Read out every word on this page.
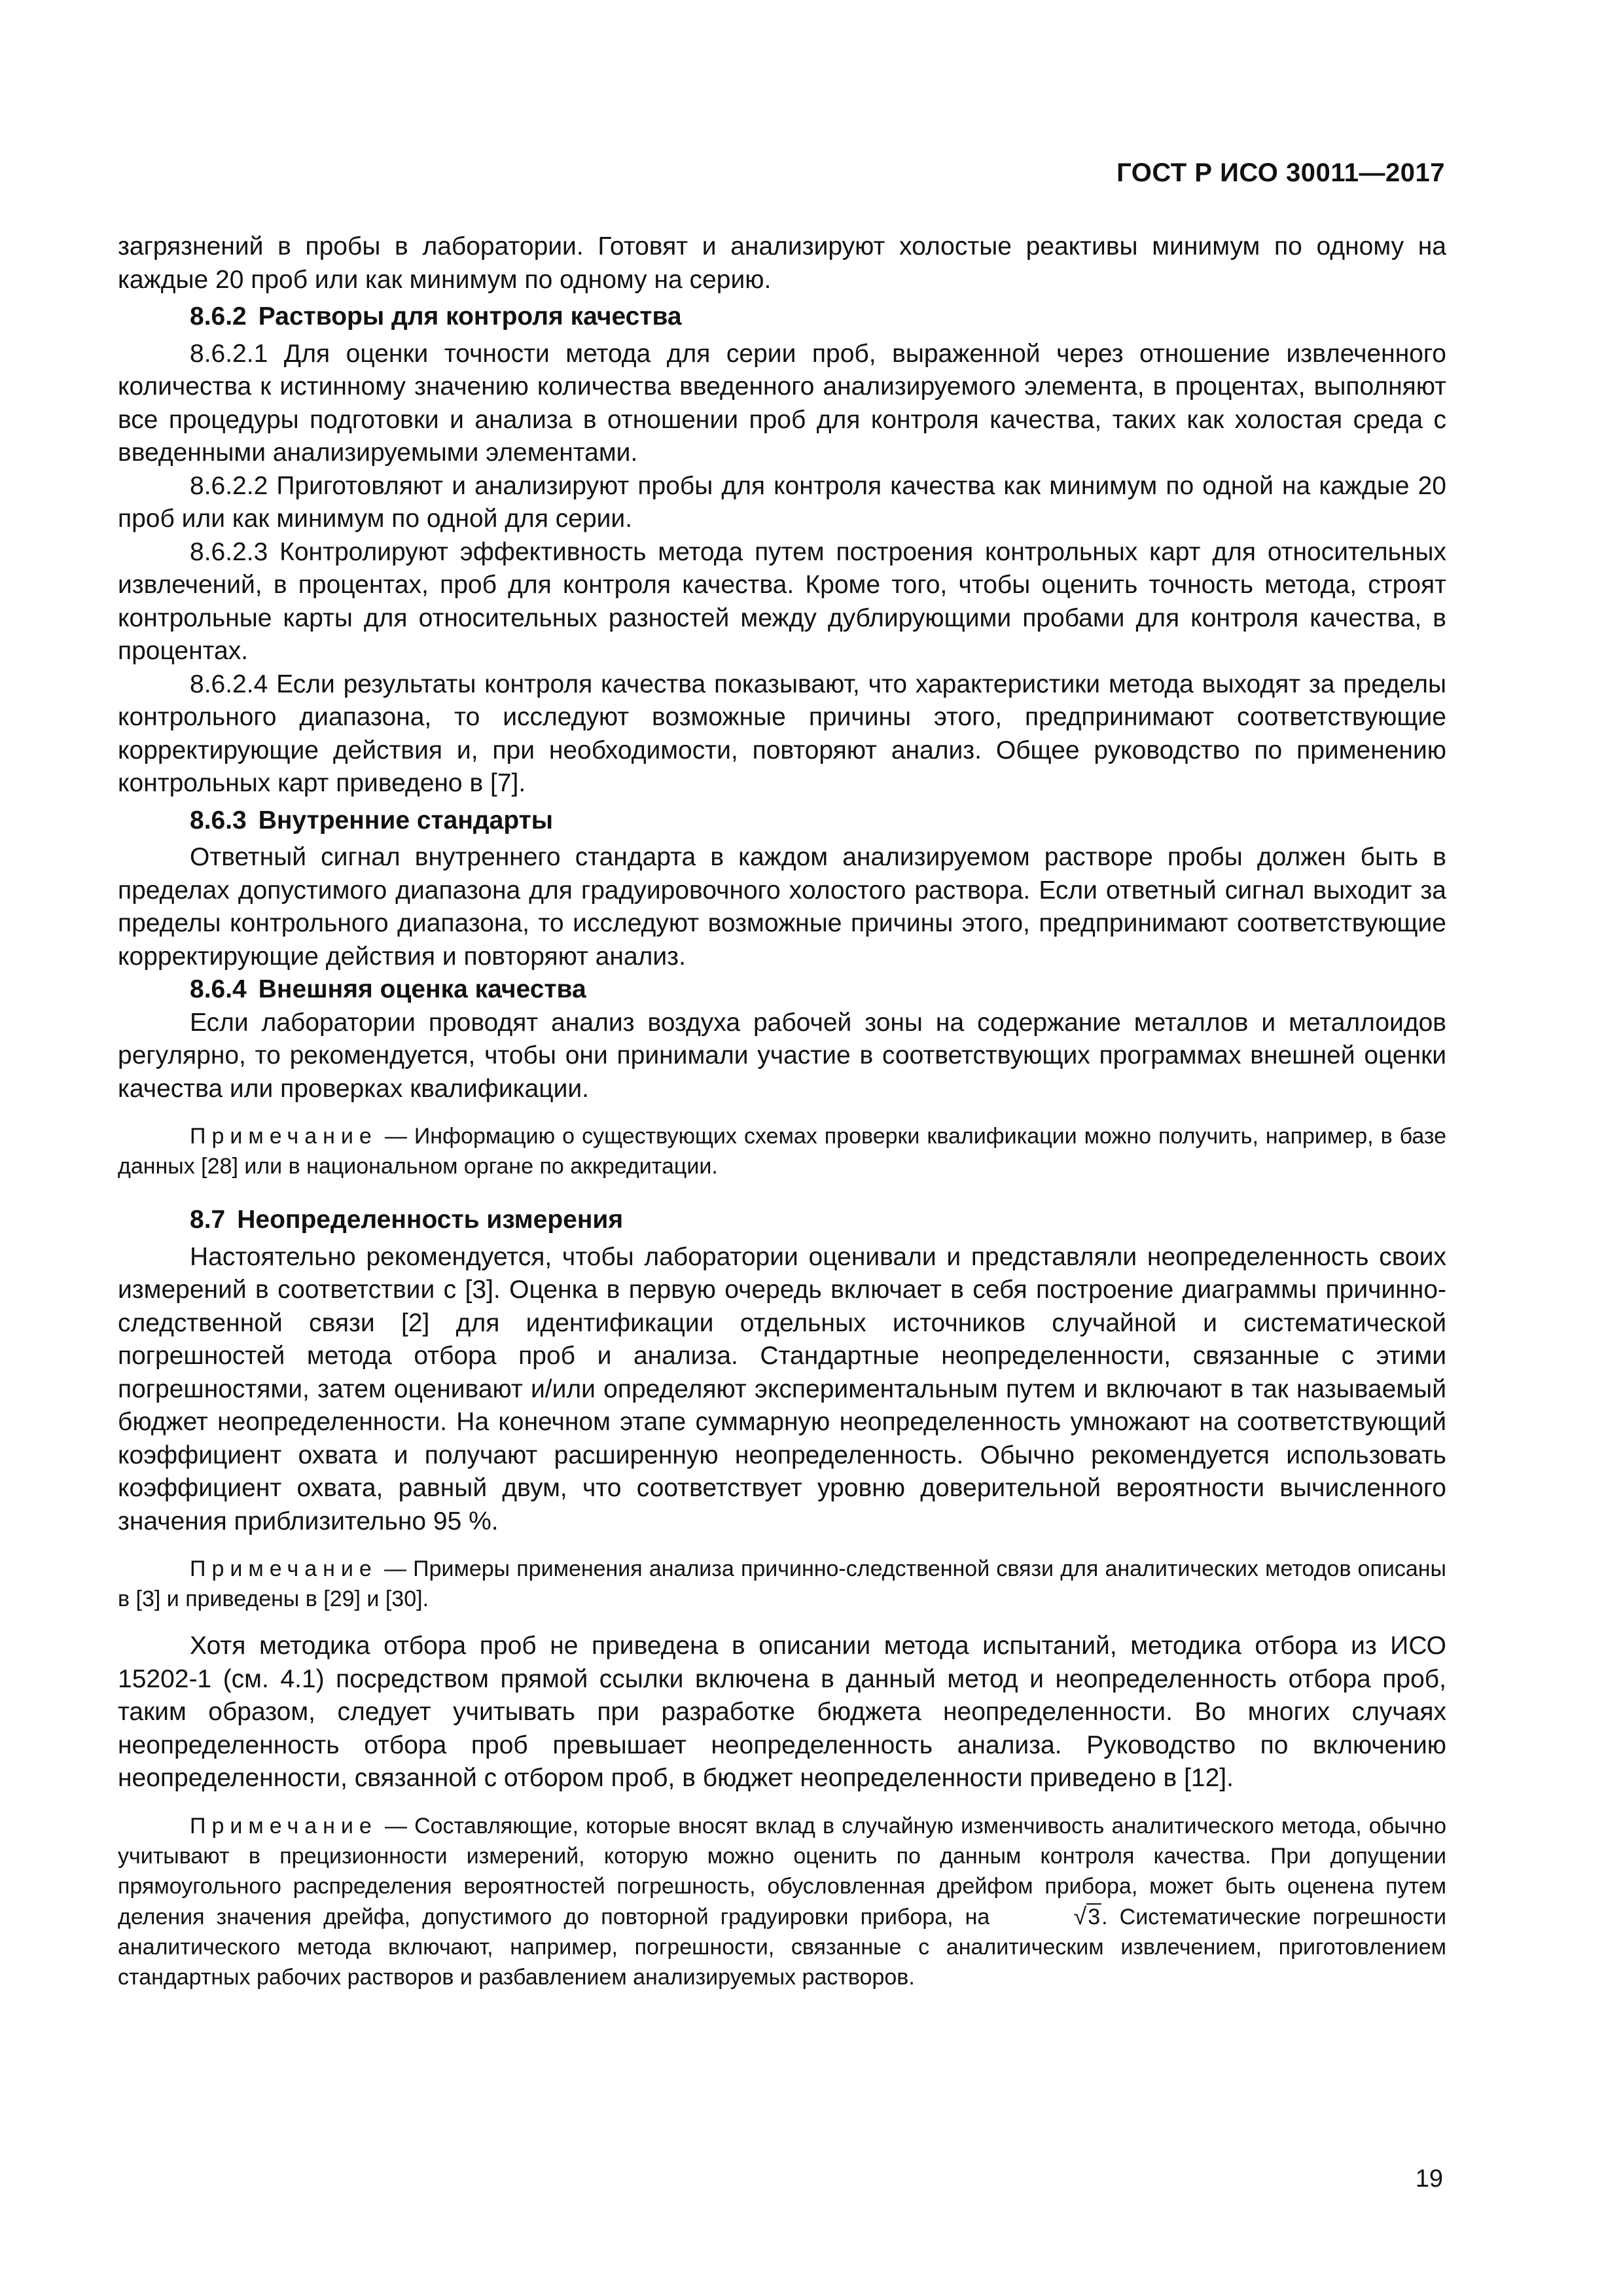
ГОСТ Р ИСО 30011—2017

загрязнений в пробы в лаборатории. Готовят и анализируют холостые реактивы минимум по одному на каждые 20 проб или как минимум по одному на серию.

8.6.2 Растворы для контроля качества

8.6.2.1 Для оценки точности метода для серии проб, выраженной через отношение извлеченного количества к истинному значению количества введенного анализируемого элемента, в процентах, выполняют все процедуры подготовки и анализа в отношении проб для контроля качества, таких как холостая среда с введенными анализируемыми элементами.

8.6.2.2 Приготовляют и анализируют пробы для контроля качества как минимум по одной на каждые 20 проб или как минимум по одной для серии.

8.6.2.3 Контролируют эффективность метода путем построения контрольных карт для относительных извлечений, в процентах, проб для контроля качества. Кроме того, чтобы оценить точность метода, строят контрольные карты для относительных разностей между дублирующими пробами для контроля качества, в процентах.

8.6.2.4 Если результаты контроля качества показывают, что характеристики метода выходят за пределы контрольного диапазона, то исследуют возможные причины этого, предпринимают соответствующие корректирующие действия и, при необходимости, повторяют анализ. Общее руководство по применению контрольных карт приведено в [7].

8.6.3 Внутренние стандарты

Ответный сигнал внутреннего стандарта в каждом анализируемом растворе пробы должен быть в пределах допустимого диапазона для градуировочного холостого раствора. Если ответный сигнал выходит за пределы контрольного диапазона, то исследуют возможные причины этого, предпринимают соответствующие корректирующие действия и повторяют анализ.

8.6.4 Внешняя оценка качества

Если лаборатории проводят анализ воздуха рабочей зоны на содержание металлов и металлоидов регулярно, то рекомендуется, чтобы они принимали участие в соответствующих программах внешней оценки качества или проверках квалификации.

Примечание — Информацию о существующих схемах проверки квалификации можно получить, например, в базе данных [28] или в национальном органе по аккредитации.

8.7 Неопределенность измерения

Настоятельно рекомендуется, чтобы лаборатории оценивали и представляли неопределенность своих измерений в соответствии с [3]. Оценка в первую очередь включает в себя построение диаграммы причинно-следственной связи [2] для идентификации отдельных источников случайной и систематической погрешностей метода отбора проб и анализа. Стандартные неопределенности, связанные с этими погрешностями, затем оценивают и/или определяют экспериментальным путем и включают в так называемый бюджет неопределенности. На конечном этапе суммарную неопределенность умножают на соответствующий коэффициент охвата и получают расширенную неопределенность. Обычно рекомендуется использовать коэффициент охвата, равный двум, что соответствует уровню доверительной вероятности вычисленного значения приблизительно 95 %.

Примечание — Примеры применения анализа причинно-следственной связи для аналитических методов описаны в [3] и приведены в [29] и [30].

Хотя методика отбора проб не приведена в описании метода испытаний, методика отбора из ИСО 15202-1 (см. 4.1) посредством прямой ссылки включена в данный метод и неопределенность отбора проб, таким образом, следует учитывать при разработке бюджета неопределенности. Во многих случаях неопределенность отбора проб превышает неопределенность анализа. Руководство по включению неопределенности, связанной с отбором проб, в бюджет неопределенности приведено в [12].

Примечание — Составляющие, которые вносят вклад в случайную изменчивость аналитического метода, обычно учитывают в прецизионности измерений, которую можно оценить по данным контроля качества. При допущении прямоугольного распределения вероятностей погрешность, обусловленная дрейфом прибора, может быть оценена путем деления значения дрейфа, допустимого до повторной градуировки прибора, на	√3. Систематические погрешности аналитического метода включают, например, погрешности, связанные с аналитическим извлечением, приготовлением стандартных рабочих растворов и разбавлением анализируемых растворов.

19
